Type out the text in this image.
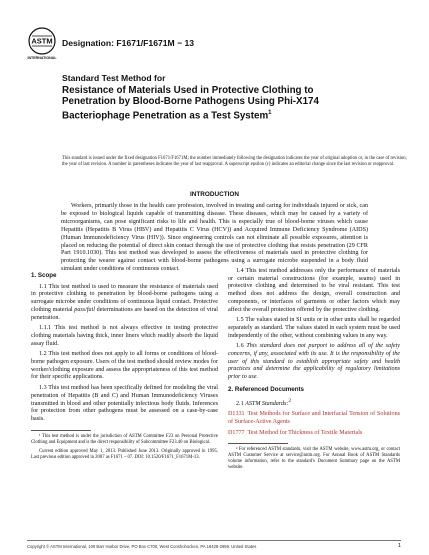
ASTM
INTERNATIONAL
Designation: F1671/F1671M − 13
Standard Test Method for
Resistance of Materials Used in Protective Clothing to
Penetration by Blood-Borne Pathogens Using Phi-X174
Bacteriophage Penetration as a Test System$^1$
This standard is issued under the fixed designation F1671/F1671M; the number immediately following the designation indicates the year of original adoption or, in the case of revision, the year of last revision. A number in parentheses indicates the year of last reapproval. A superscript epsilon (ε) indicates an editorial change since the last revision or reapproval.
INTRODUCTION

Workers, primarily those in the health care profession, involved in treating and caring for individuals injured or sick, can be exposed to biological liquids capable of transmitting disease. These diseases, which may be caused by a variety of microorganisms, can pose significant risks to life and health. This is especially true of blood-borne viruses which cause Hepatitis (Hepatitis B Virus (HBV) and Hepatitis C Virus (HCV)) and Acquired Immune Deficiency Syndrome (AIDS) (Human Immunodeficiency Virus (HIV)). Since engineering controls can not eliminate all possible exposures, attention is placed on reducing the potential of direct skin contact through the use of protective clothing that resists penetration (29 CFR Part 1910.1030). This test method was developed to assess the effectiveness of materials used in protective clothing for protecting the wearer against contact with blood-borne pathogens using a surrogate microbe suspended in a body fluid simulant under conditions of continuous contact.

1. Scope

1.1 This test method is used to measure the resistance of materials used in protective clothing to penetration by blood-borne pathogens using a surrogate microbe under conditions of continuous liquid contact. Protective clothing material pass/fail determinations are based on the detection of viral penetration.

1.1.1 This test method is not always effective in testing protective clothing materials having thick, inner liners which readily absorb the liquid assay fluid.

1.2 This test method does not apply to all forms or conditions of blood-borne pathogen exposure. Users of the test method should review modes for worker/clothing exposure and assess the appropriateness of this test method for their specific applications.

1.3 This test method has been specifically defined for modeling the viral penetration of Hepatitis (B and C) and Human Immunodeficiency Viruses transmitted in blood and other potentially infectious body fluids. Inferences for protection from other pathogens must be assessed on a case-by-case basis.

¹ This test method is under the jurisdiction of ASTM Committee F23 on Personal Protective Clothing and Equipment and is the direct responsibility of Subcommittee F23.40 on Biological.

Current edition approved May 1, 2013. Published June 2013. Originally approved in 1995. Last previous edition approved in 2007 as F1671 – 07. DOI: 10.1520/F1671_F1671M-13.

1.4 This test method addresses only the performance of materials or certain material constructions (for example, seams) used in protective clothing and determined to be viral resistant. This test method does not address the design, overall construction and components, or interfaces of garments or other factors which may affect the overall protection offered by the protective clothing.

1.5 The values stated in SI units or in other units shall be regarded separately as standard. The values stated in each system must be used independently of the other, without combining values in any way.

1.6 This standard does not purport to address all of the safety concerns, if any, associated with its use. It is the responsibility of the user of this standard to establish appropriate safety and health practices and determine the applicability of regulatory limitations prior to use.

2. Referenced Documents

2.1 ASTM Standards:$^2$

D1331 Test Methods for Surface and Interfacial Tension of Solutions of Surface-Active Agents

D1777 Test Method for Thickness of Textile Materials

² For referenced ASTM standards, visit the ASTM website, www.astm.org, or contact ASTM Customer Service at service@astm.org. For Annual Book of ASTM Standards volume information, refer to the standard's Document Summary page on the ASTM website.

Copyright © ASTM International, 100 Barr Harbor Drive, PO Box C700, West Conshohocken, PA 19428-2959. United States	1
